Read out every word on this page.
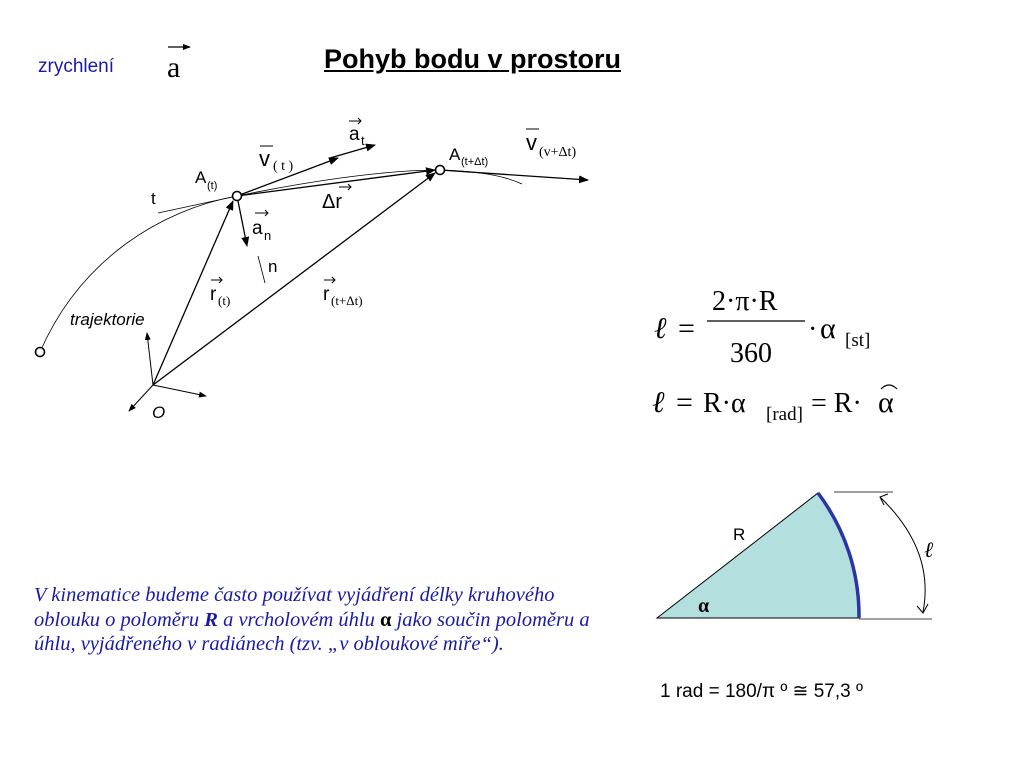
Pohyb bodu v prostoru
zrychlení a
a t
v ( t )
A (t)
A (t+Δt)
v (v+Δt)
t	Δr
a n
n
r (t)	r (t+Δt)
trajektorie
O
ℓ =
2·π·R
360
· α [st]
ℓ = R·α [rad] = R· α
R
α
ℓ
1 rad = 180/π º ≅ 57,3 º
V kinematice budeme často používat vyjádření délky kruhového oblouku o poloměru R a vrcholovém úhlu α jako součin poloměru a úhlu, vyjádřeného v radiánech (tzv. „v obloukové míře“).
